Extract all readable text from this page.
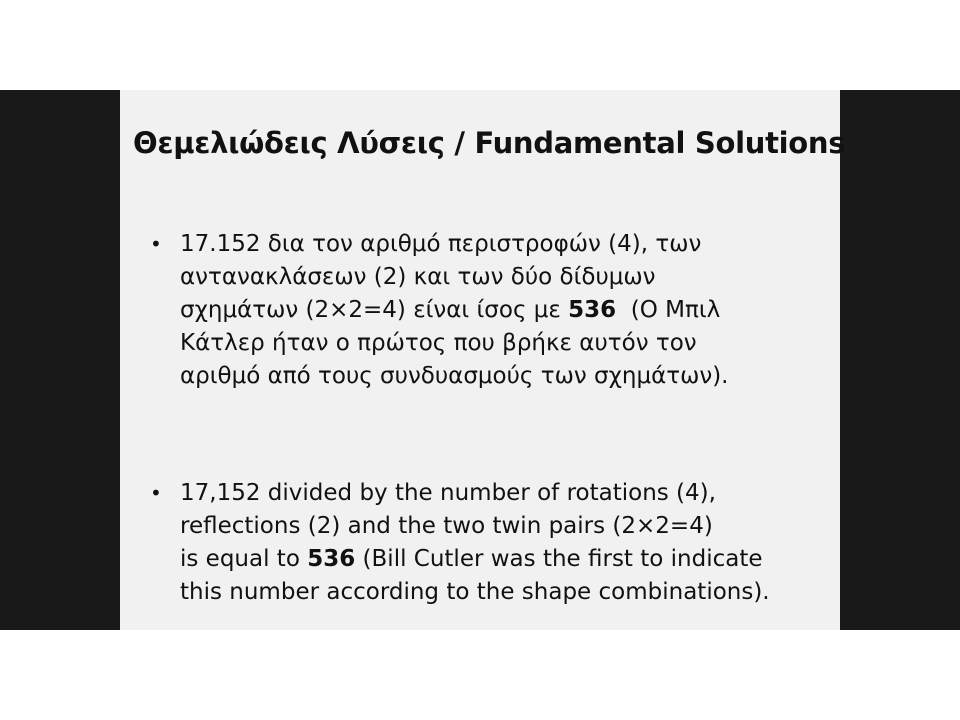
Θεμελιώδεις Λύσεις / Fundamental Solutions
• 17.152 δια τον αριθμό περιστροφών (4), των
αντανακλάσεων (2) και των δύο δίδυμων
σχημάτων (2×2=4) είναι ίσος με 536  (Ο Μπιλ
Κάτλερ ήταν ο πρώτος που βρήκε αυτόν τον
αριθμό από τους συνδυασμούς των σχημάτων).
• 17,152 divided by the number of rotations (4),
reflections (2) and the two twin pairs (2×2=4)
is equal to 536 (Bill Cutler was the first to indicate
this number according to the shape combinations).
